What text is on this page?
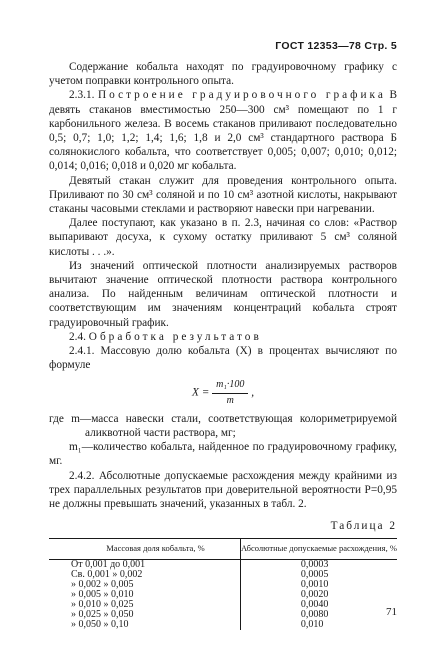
ГОСТ 12353—78 Стр. 5

Содержание кобальта находят по градуировочному графику с учетом поправки контрольного опыта.

2.3.1. Построение градуировочного графика В девять стаканов вместимостью 250—300 см³ помещают по 1 г карбонильного железа. В восемь стаканов приливают последовательно 0,5; 0,7; 1,0; 1,2; 1,4; 1,6; 1,8 и 2,0 см³ стандартного раствора Б солянокислого кобальта, что соответствует 0,005; 0,007; 0,010; 0,012; 0,014; 0,016; 0,018 и 0,020 мг кобальта.

Девятый стакан служит для проведения контрольного опыта. Приливают по 30 см³ соляной и по 10 см³ азотной кислоты, накрывают стаканы часовыми стеклами и растворяют навески при нагревании.

Далее поступают, как указано в п. 2.3, начиная со слов: «Раствор выпаривают досуха, к сухому остатку приливают 5 см³ соляной кислоты . . .».

Из значений оптической плотности анализируемых растворов вычитают значение оптической плотности раствора контрольного анализа. По найденным величинам оптической плотности и соответствующим им значениям концентраций кобальта строят градуировочный график.

2.4. Обработка результатов

2.4.1. Массовую долю кобальта (X) в процентах вычисляют по формуле

$X = \frac{\text{m₁·100}}{m}$ ,

где m—масса навески стали, соответствующая колориметрируемой аликвотной части раствора, мг;

m₁—количество кобальта, найденное по градуировочному графику, мг.

2.4.2. Абсолютные допускаемые расхождения между крайними из трех параллельных результатов при доверительной вероятности P=0,95 не должны превышать значений, указанных в табл. 2.

Таблица 2
Массовая доля кобальта, %	Абсолютные допускаемые расхождения, %
От 0,001 до 0,001	0,0003
Св. 0,001 » 0,002	0,0005
» 0,002 » 0,005	0,0010
» 0,005 » 0,010	0,0020
» 0,010 » 0,025	0,0040
» 0,025 » 0,050	0,0080
» 0,050 » 0,10	0,010
71
